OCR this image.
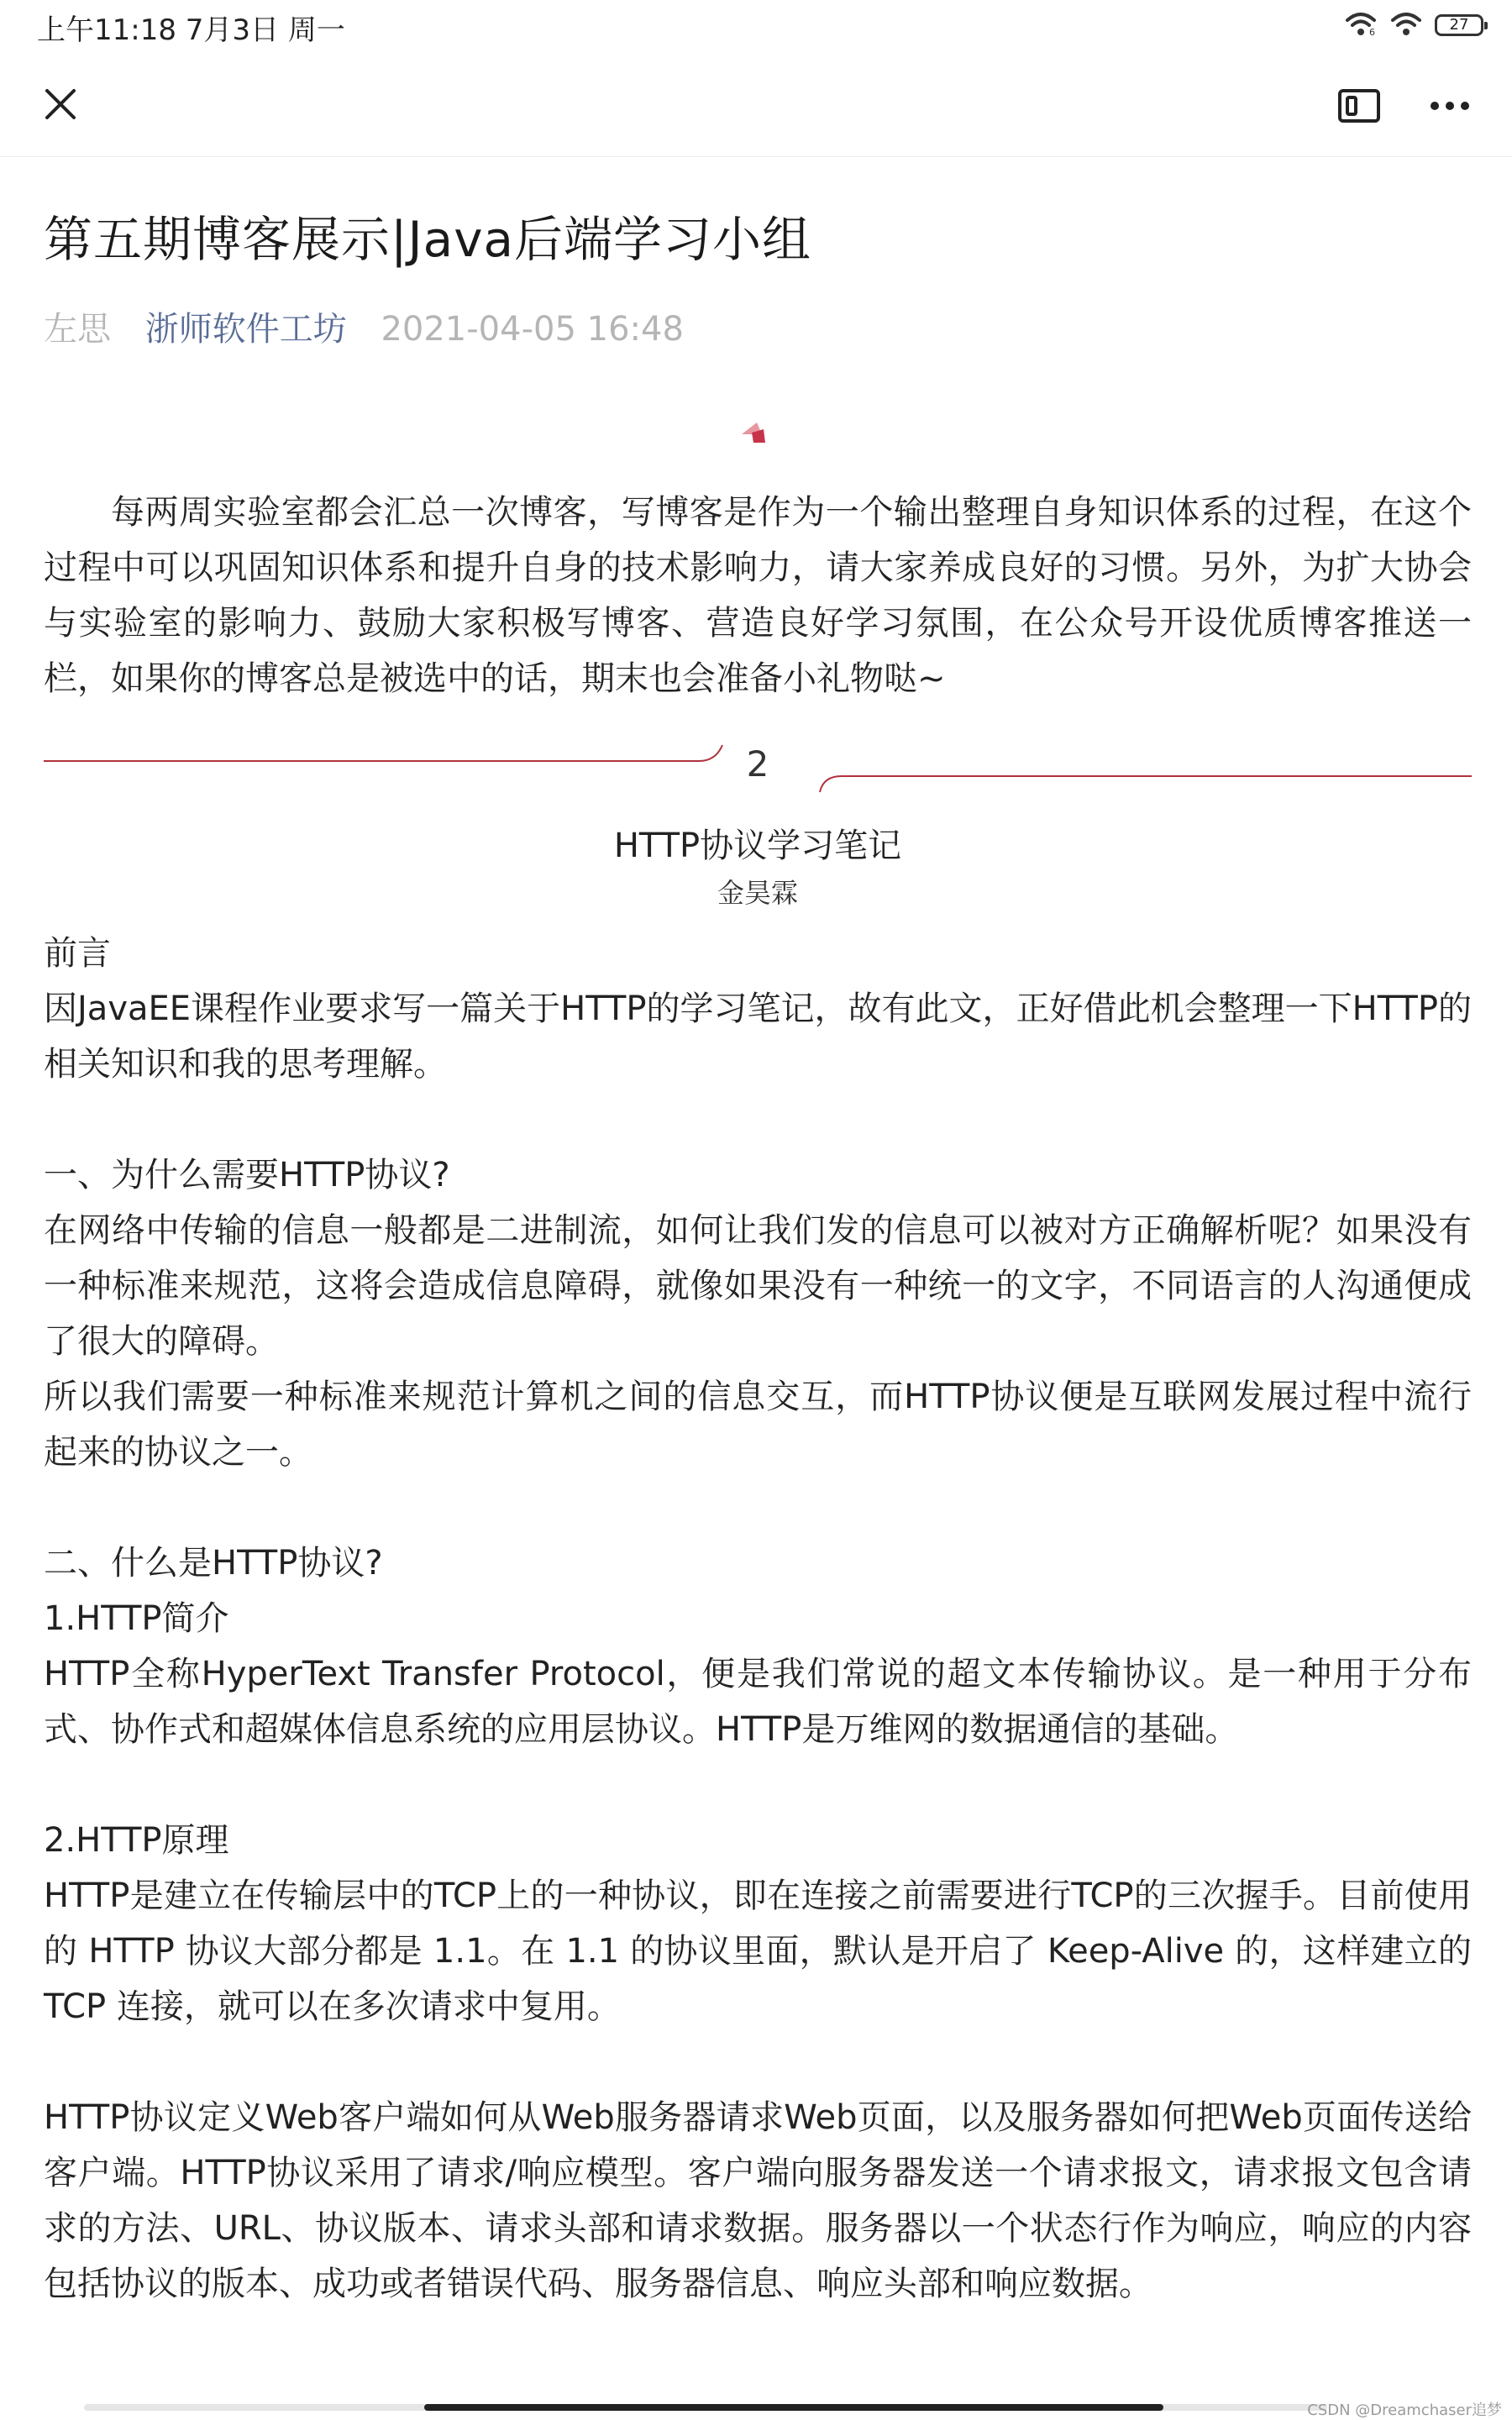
上午11:18 7月3日 周一	6	27
第五期博客展示|Java后端学习小组
左思 浙师软件工坊 2021-04-05 16:48

每两周实验室都会汇总一次博客，写博客是作为一个输出整理自身知识体系的过程，在这个过程中可以巩固知识体系和提升自身的技术影响力，请大家养成良好的习惯。另外，为扩大协会与实验室的影响力、鼓励大家积极写博客、营造良好学习氛围，在公众号开设优质博客推送一栏，如果你的博客总是被选中的话，期末也会准备小礼物哒~

2
HTTP协议学习笔记
金昊霖

前言

因JavaEE课程作业要求写一篇关于HTTP的学习笔记，故有此文，正好借此机会整理一下HTTP的相关知识和我的思考理解。

一、为什么需要HTTP协议?

在网络中传输的信息一般都是二进制流，如何让我们发的信息可以被对方正确解析呢？如果没有一种标准来规范，这将会造成信息障碍，就像如果没有一种统一的文字，不同语言的人沟通便成了很大的障碍。

所以我们需要一种标准来规范计算机之间的信息交互，而HTTP协议便是互联网发展过程中流行起来的协议之一。

二、什么是HTTP协议?

1.HTTP简介

HTTP全称HyperText Transfer Protocol，便是我们常说的超文本传输协议。是一种用于分布式、协作式和超媒体信息系统的应用层协议。HTTP是万维网的数据通信的基础。

2.HTTP原理

HTTP是建立在传输层中的TCP上的一种协议，即在连接之前需要进行TCP的三次握手。目前使用的 HTTP 协议大部分都是 1.1。在 1.1 的协议里面，默认是开启了 Keep-Alive 的，这样建立的 TCP 连接，就可以在多次请求中复用。

HTTP协议定义Web客户端如何从Web服务器请求Web页面，以及服务器如何把Web页面传送给客户端。HTTP协议采用了请求/响应模型。客户端向服务器发送一个请求报文，请求报文包含请求的方法、URL、协议版本、请求头部和请求数据。服务器以一个状态行作为响应，响应的内容包括协议的版本、成功或者错误代码、服务器信息、响应头部和响应数据。

CSDN @Dreamchaser追梦
